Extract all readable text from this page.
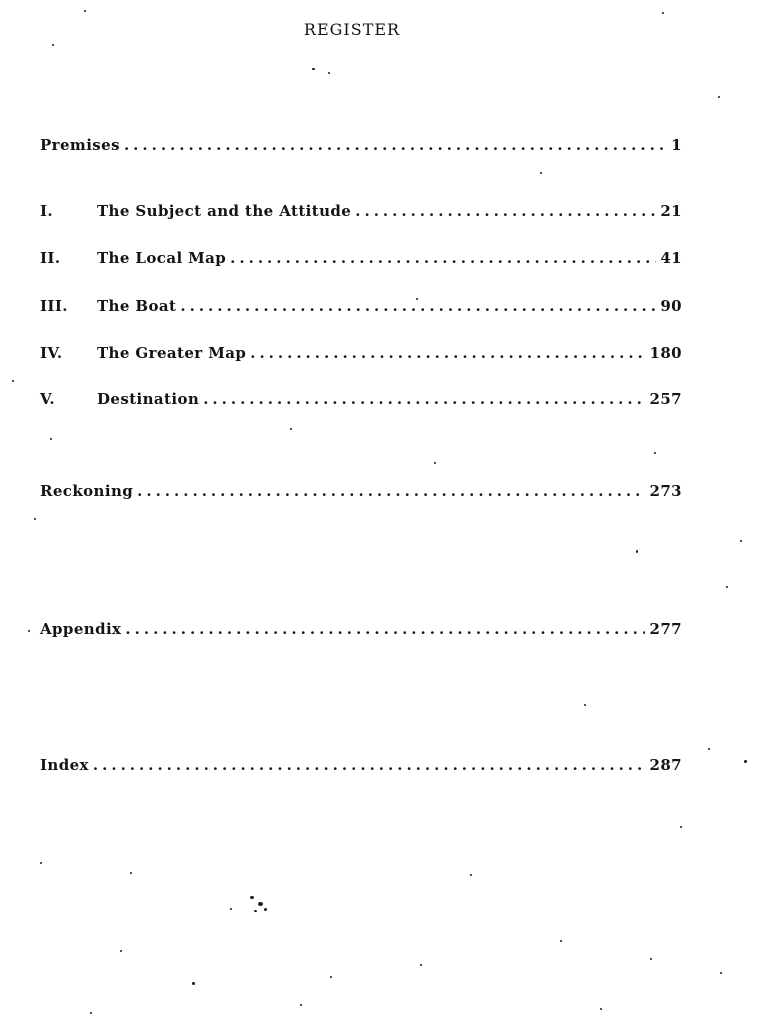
REGISTER
Premises .....	1
I.	The Subject and the Attitude .....	21
II.	The Local Map .....	41
III.	The Boat .....	90
IV.	The Greater Map .....	180
V.	Destination .....	257
Reckoning .....	273
Appendix .....	277
Index .....	287
